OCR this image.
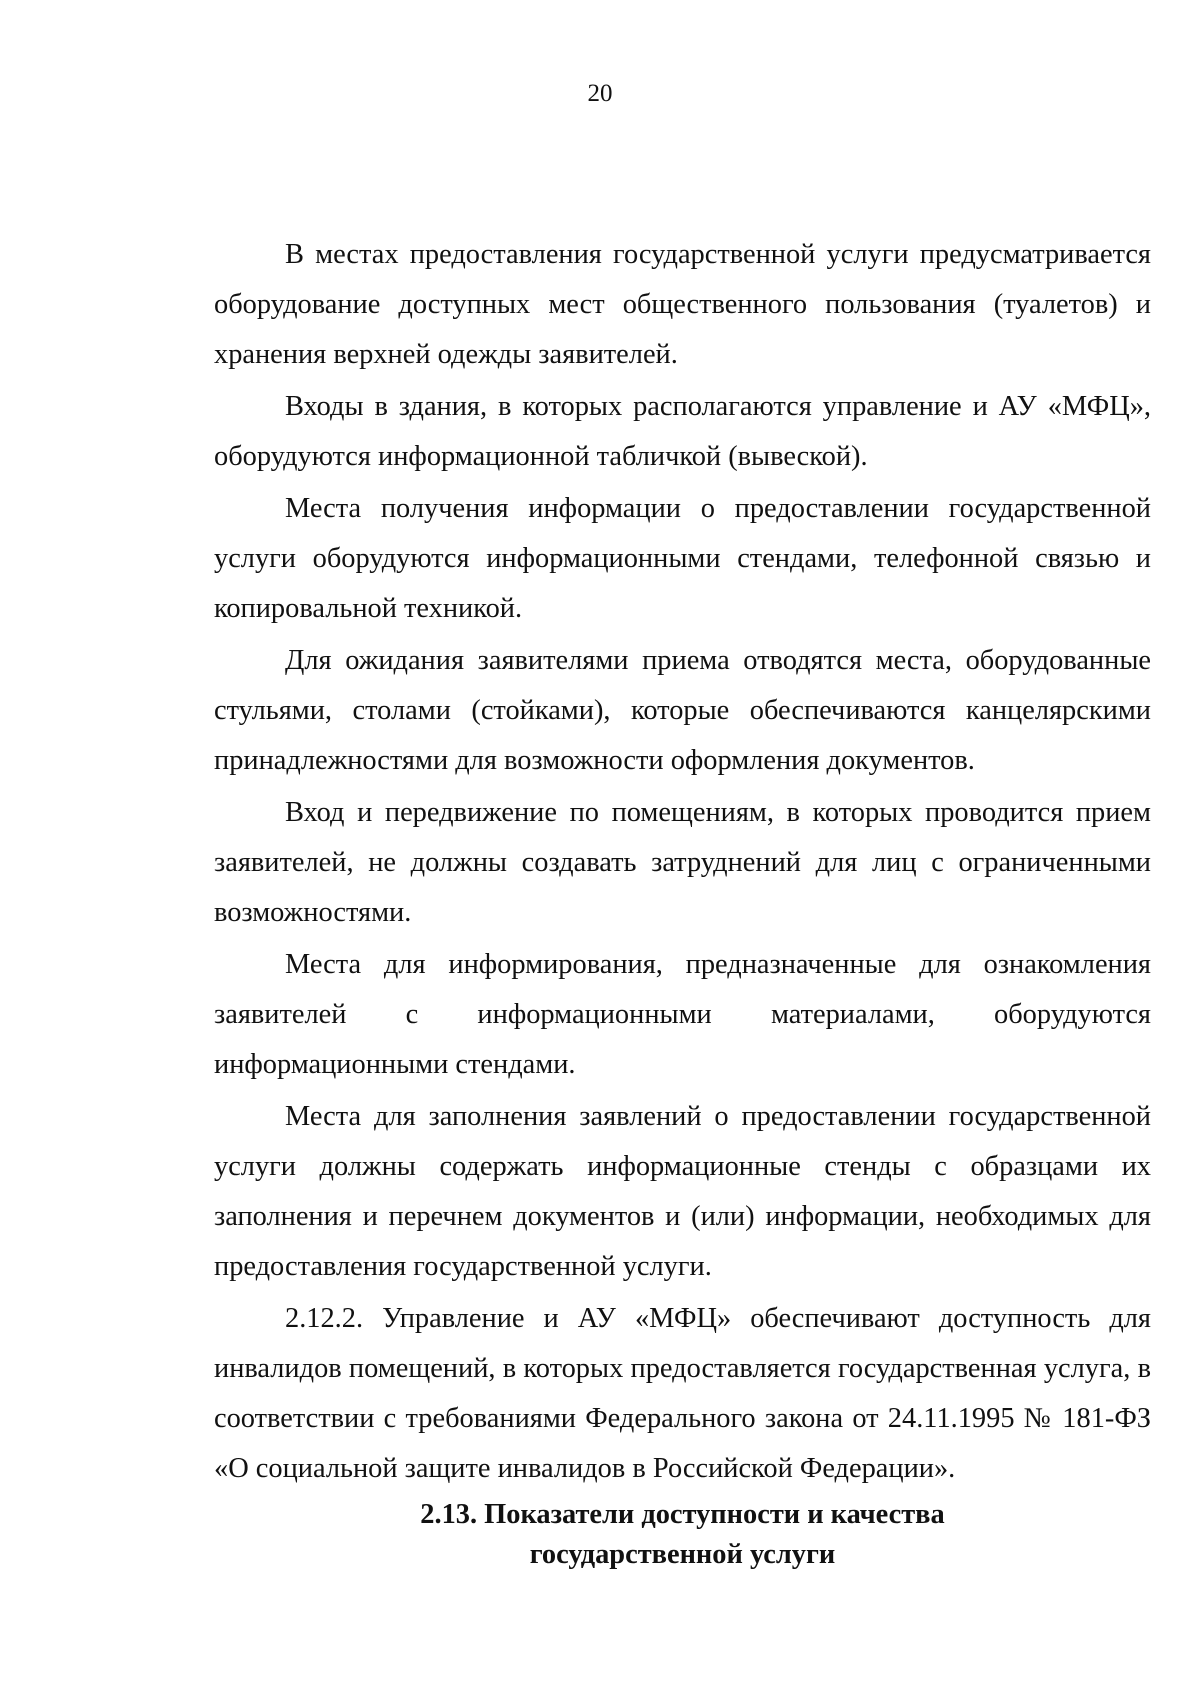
20

В местах предоставления государственной услуги предусматривается оборудование доступных мест общественного пользования (туалетов) и хранения верхней одежды заявителей.

Входы в здания, в которых располагаются управление и АУ «МФЦ», оборудуются информационной табличкой (вывеской).

Места получения информации о предоставлении государственной услуги оборудуются информационными стендами, телефонной связью и копировальной техникой.

Для ожидания заявителями приема отводятся места, оборудованные стульями, столами (стойками), которые обеспечиваются канцелярскими принадлежностями для возможности оформления документов.

Вход и передвижение по помещениям, в которых проводится прием заявителей, не должны создавать затруднений для лиц с ограниченными возможностями.

Места для информирования, предназначенные для ознакомления заявителей с информационными материалами, оборудуются информационными стендами.

Места для заполнения заявлений о предоставлении государственной услуги должны содержать информационные стенды с образцами их заполнения и перечнем документов и (или) информации, необходимых для предоставления государственной услуги.

2.12.2. Управление и АУ «МФЦ» обеспечивают доступность для инвалидов помещений, в которых предоставляется государственная услуга, в соответствии с требованиями Федерального закона от 24.11.1995 № 181-ФЗ «О социальной защите инвалидов в Российской Федерации».

2.13. Показатели доступности и качества
государственной услуги
